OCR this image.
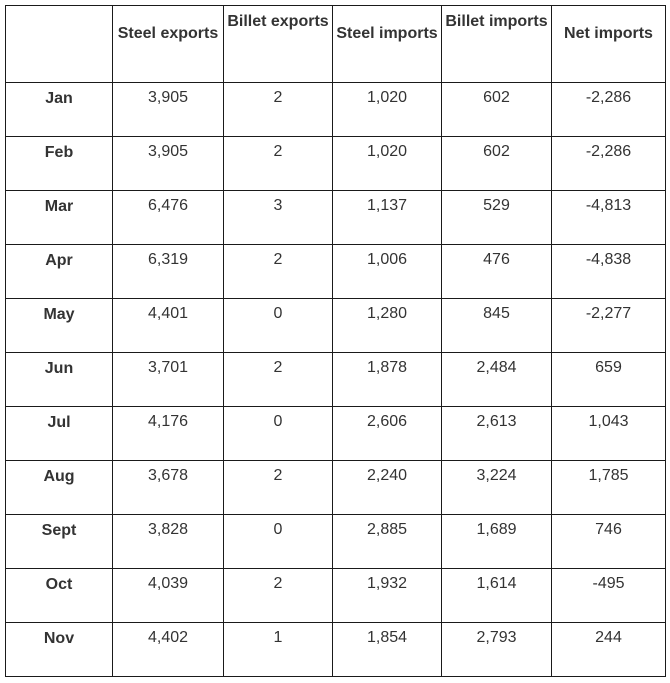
	Steel exports	Billet exports	Steel imports	Billet imports	Net imports
Jan	3,905	2	1,020	602	-2,286
Feb	3,905	2	1,020	602	-2,286
Mar	6,476	3	1,137	529	-4,813
Apr	6,319	2	1,006	476	-4,838
May	4,401	0	1,280	845	-2,277
Jun	3,701	2	1,878	2,484	659
Jul	4,176	0	2,606	2,613	1,043
Aug	3,678	2	2,240	3,224	1,785
Sept	3,828	0	2,885	1,689	746
Oct	4,039	2	1,932	1,614	-495
Nov	4,402	1	1,854	2,793	244
